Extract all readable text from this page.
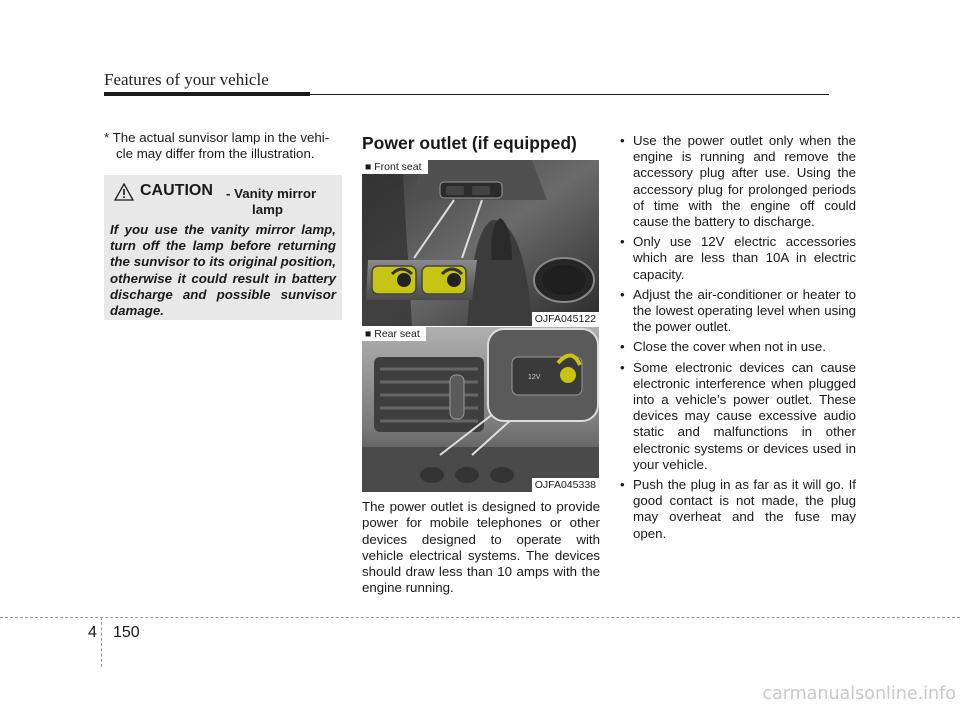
Features of your vehicle
* The actual sunvisor lamp in the vehi-
cle may differ from the illustration.
CAUTION - Vanity mirror
lamp
If you use the vanity mirror lamp, turn off the lamp before returning the sunvisor to its original position, otherwise it could result in battery discharge and possible sunvisor damage.
Power outlet (if equipped)
■ Front seat
OJFA045122
12V
■ Rear seat
OJFA045338
The power outlet is designed to provide power for mobile telephones or other devices designed to operate with vehicle electrical systems. The devices should draw less than 10 amps with the engine running.
• Use the power outlet only when the engine is running and remove the accessory plug after use. Using the accessory plug for prolonged periods of time with the engine off could cause the battery to discharge.
• Only use 12V electric accessories which are less than 10A in electric capacity.
• Adjust the air-conditioner or heater to the lowest operating level when using the power outlet.
• Close the cover when not in use.
• Some electronic devices can cause electronic interference when plugged into a vehicle’s power outlet. These devices may cause excessive audio static and malfunctions in other electronic systems or devices used in your vehicle.
• Push the plug in as far as it will go. If good contact is not made, the plug may overheat and the fuse may open.
4 150
carmanualsonline.info
